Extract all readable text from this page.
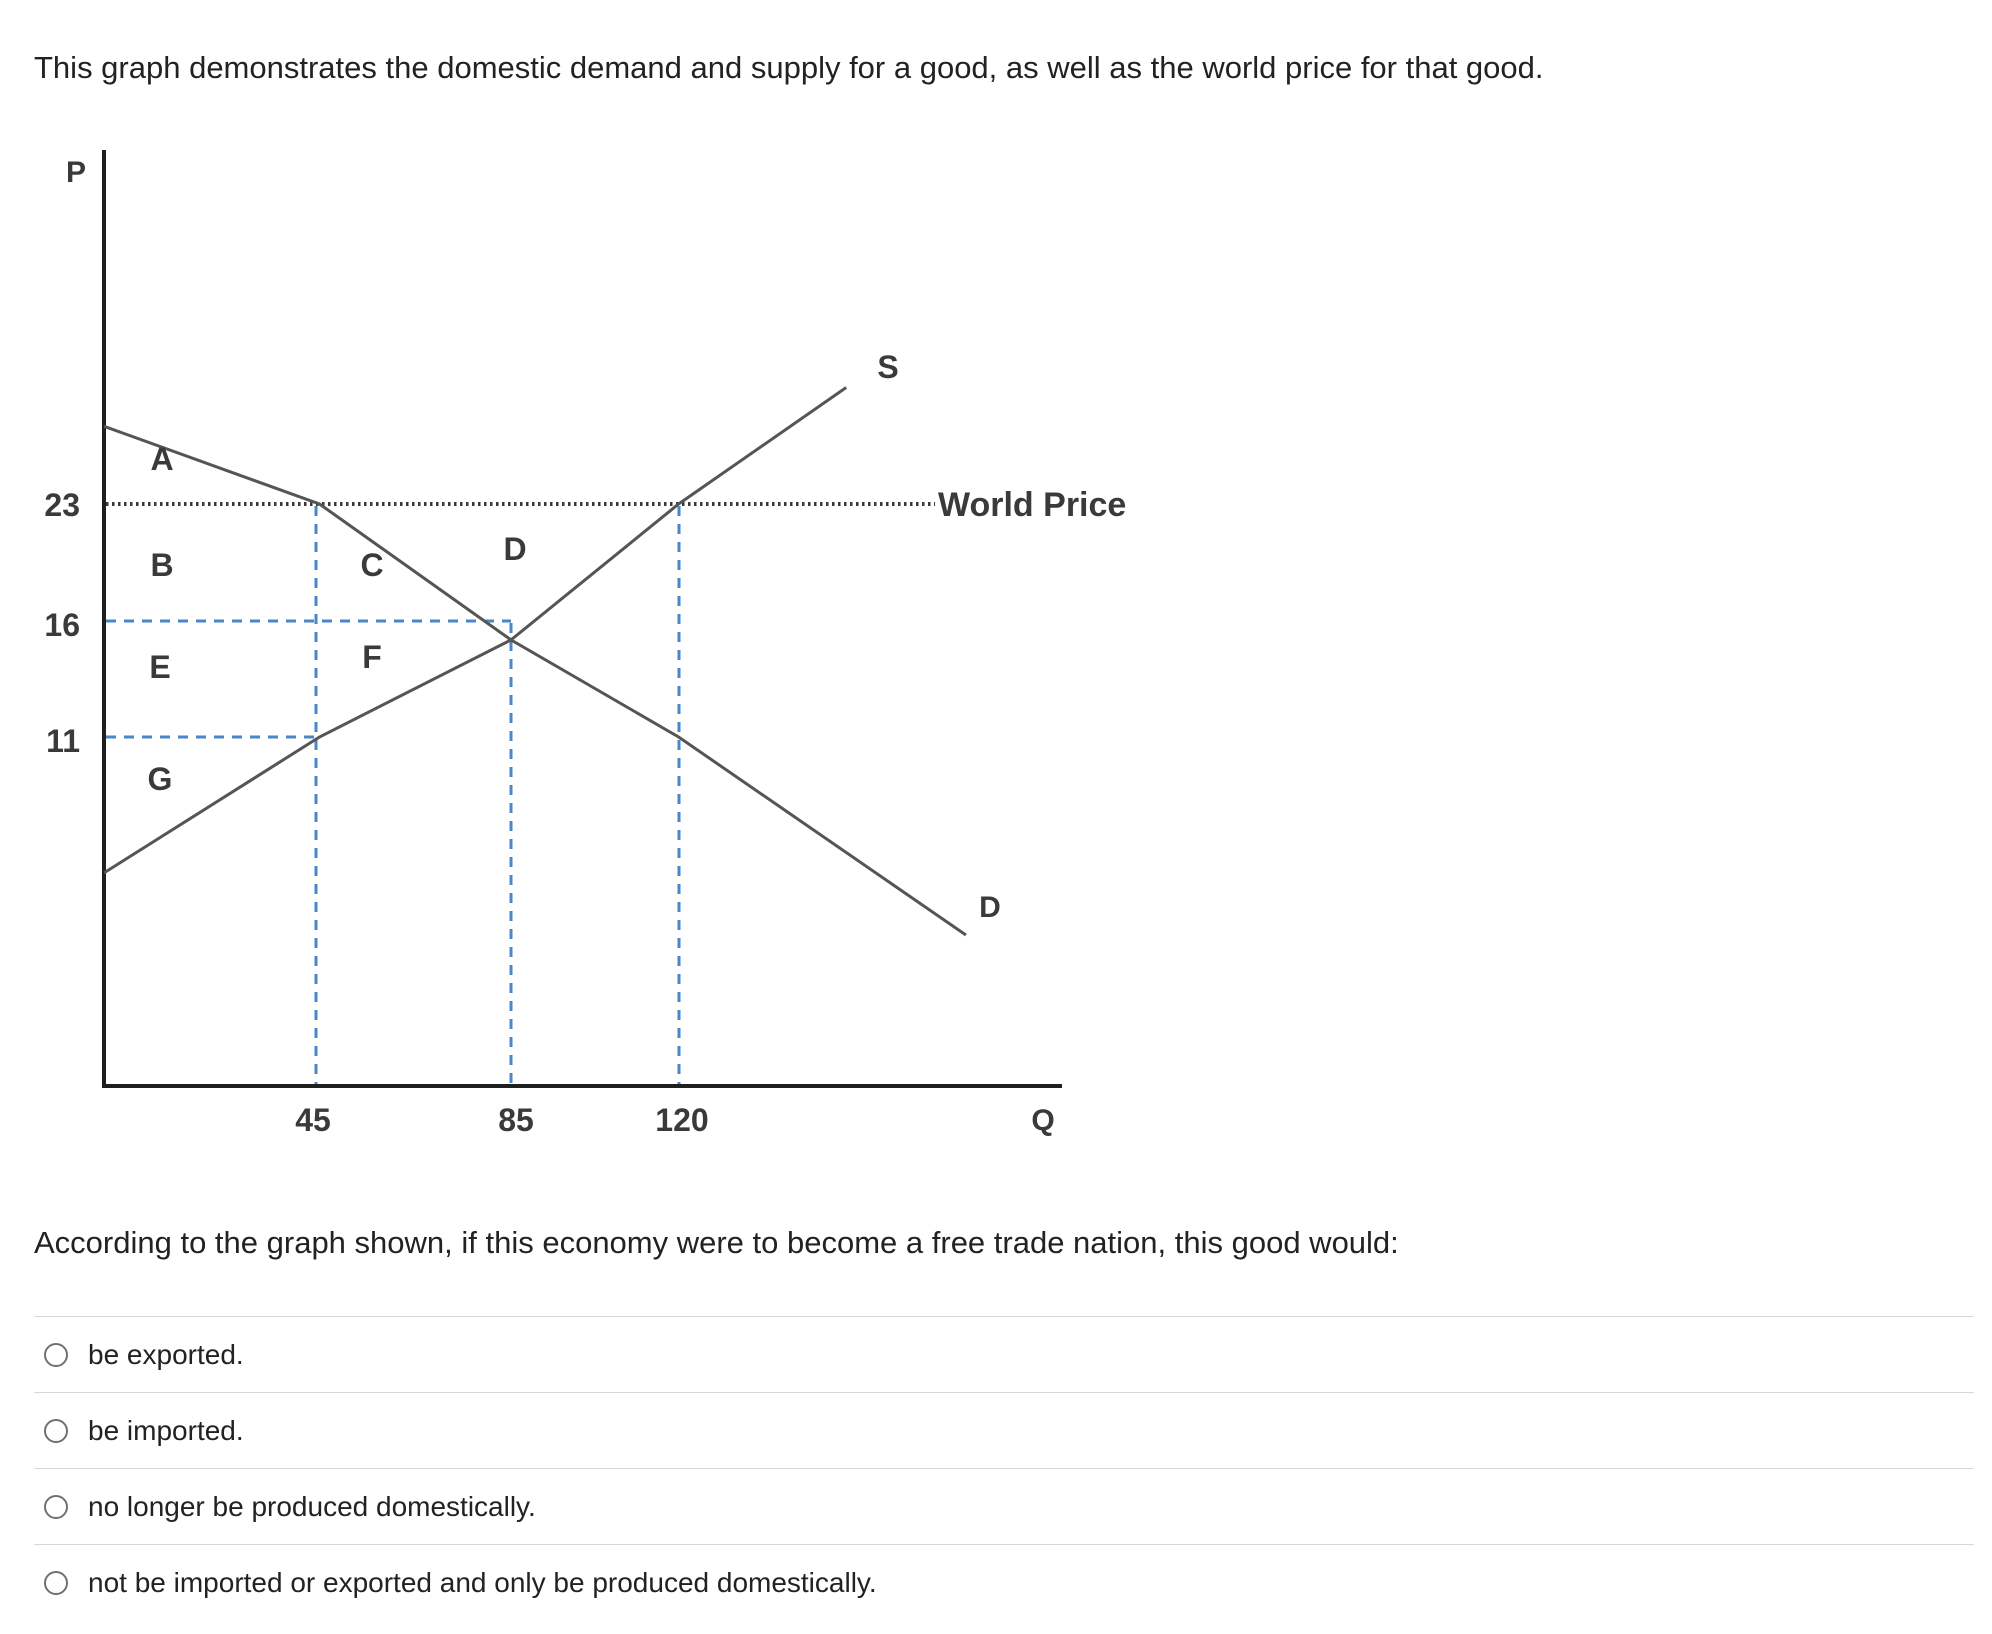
This graph demonstrates the domestic demand and supply for a good, as well as the world price for that good.

P
Q
23
16
11
45	85	120
World Price
S
D
A
B	C	D
E	F
G

According to the graph shown, if this economy were to become a free trade nation, this good would:

be exported.
be imported.
no longer be produced domestically.
not be imported or exported and only be produced domestically.
